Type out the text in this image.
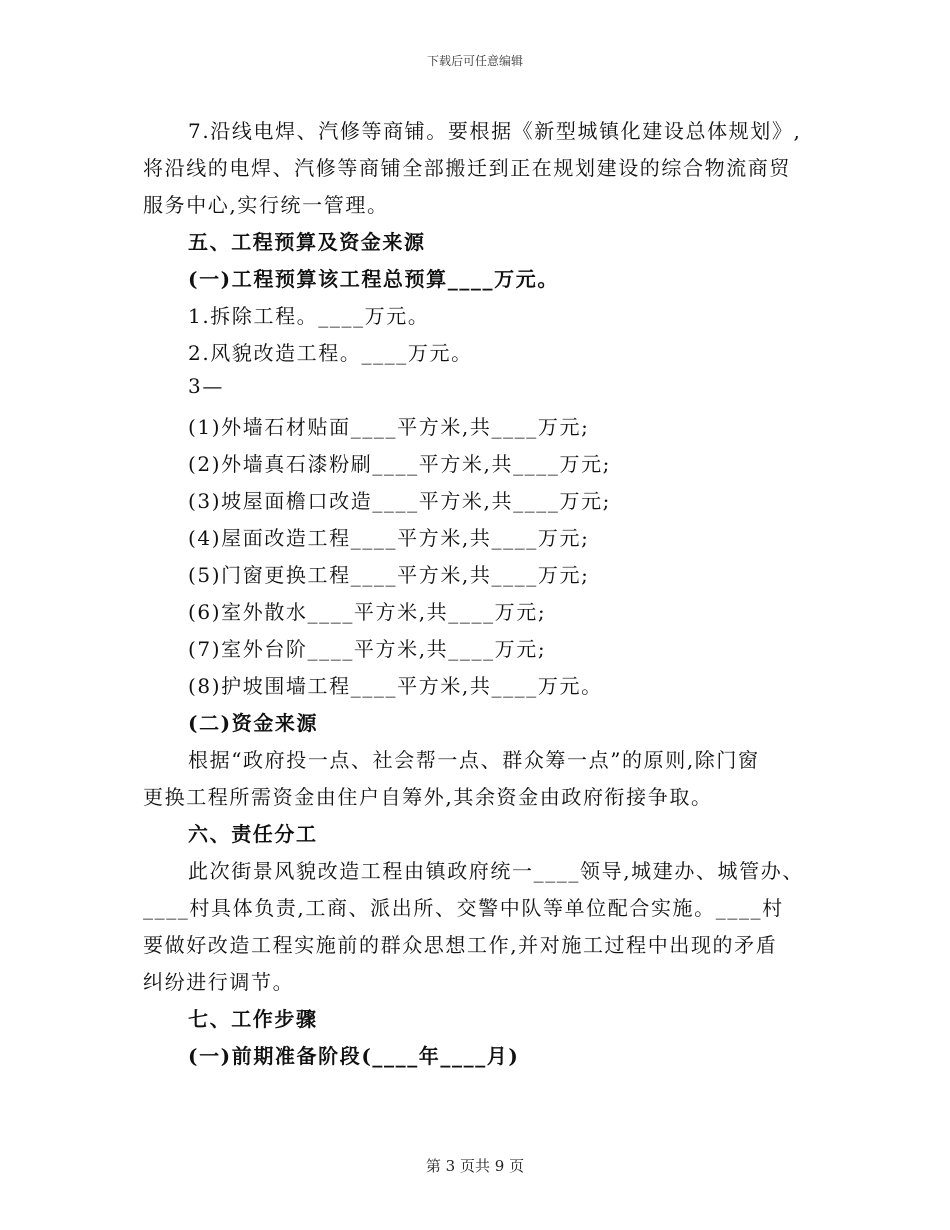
下载后可任意编辑
7.沿线电焊、汽修等商铺。要根据《新型城镇化建设总体规划》,
将沿线的电焊、汽修等商铺全部搬迁到正在规划建设的综合物流商贸
服务中心,实行统一管理。
五、工程预算及资金来源
(一)工程预算该工程总预算____万元。
1.拆除工程。____万元。
2.风貌改造工程。____万元。
3—
(1)外墙石材贴面____平方米,共____万元;
(2)外墙真石漆粉刷____平方米,共____万元;
(3)坡屋面檐口改造____平方米,共____万元;
(4)屋面改造工程____平方米,共____万元;
(5)门窗更换工程____平方米,共____万元;
(6)室外散水____平方米,共____万元;
(7)室外台阶____平方米,共____万元;
(8)护坡围墙工程____平方米,共____万元。
(二)资金来源
根据“政府投一点、社会帮一点、群众筹一点”的原则,除门窗
更换工程所需资金由住户自筹外,其余资金由政府衔接争取。
六、责任分工
此次街景风貌改造工程由镇政府统一____领导,城建办、城管办、
____村具体负责,工商、派出所、交警中队等单位配合实施。____村
要做好改造工程实施前的群众思想工作,并对施工过程中出现的矛盾
纠纷进行调节。
七、工作步骤
(一)前期准备阶段(____年____月)
第 3 页共 9 页
